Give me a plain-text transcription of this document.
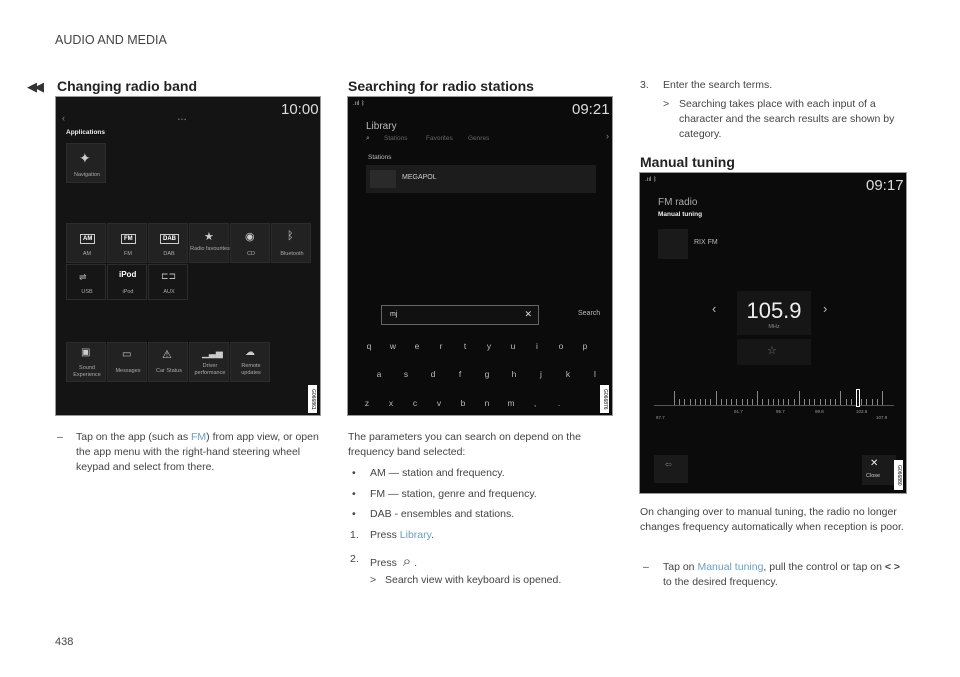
AUDIO AND MEDIA
◀◀
438
Changing radio band
‹	• • ▪
10:00
Applications
✦
Navigation
AM
AM
FM
FM
DAB
DAB
★
Radio favourites
◉
CD
ᛒ
Bluetooth
⇌
USB
iPod
iPod
⊏⊐
AUX
▣
Sound Experience
▭
Messages
⚠
Car Status
▁▃▅
Driver performance
☁
Remote updates
G066861
– Tap on the app (such as FM) from app view, or open the app menu with the right-hand steering wheel keypad and select from there.

Searching for radio stations
.ııl ᛒ	09:21
Library
⌕ Stations	Favorites Genres	›
Stations
MEGAPOL
mj	✕	Search
q	w	e	r	t	y	u	i	o	p
a	s	d	f	g	h	j	k	l
z	x	c	v	b	n	m	,	.	G066876

The parameters you can search on depend on the frequency band selected:

• AM — station and frequency.
• FM — station, genre and frequency.
• DAB - ensembles and stations.
1. Press Library.
2. Press ⌕ .
> Search view with keyboard is opened.
3. Enter the search terms.
> Searching takes place with each input of a character and the search results are shown by category.

Manual tuning
.ııl ᛒ	09:17
FM radio
Manual tuning
RIX FM
‹	›
105.9
MHz
☆
87.7
91.7	95.7	99.8	103.8
107.9
⇦	✕
Close	G066880

On changing over to manual tuning, the radio no longer changes frequency automatically when reception is poor.

– Tap on Manual tuning, pull the control or tap on < > to the desired frequency.
